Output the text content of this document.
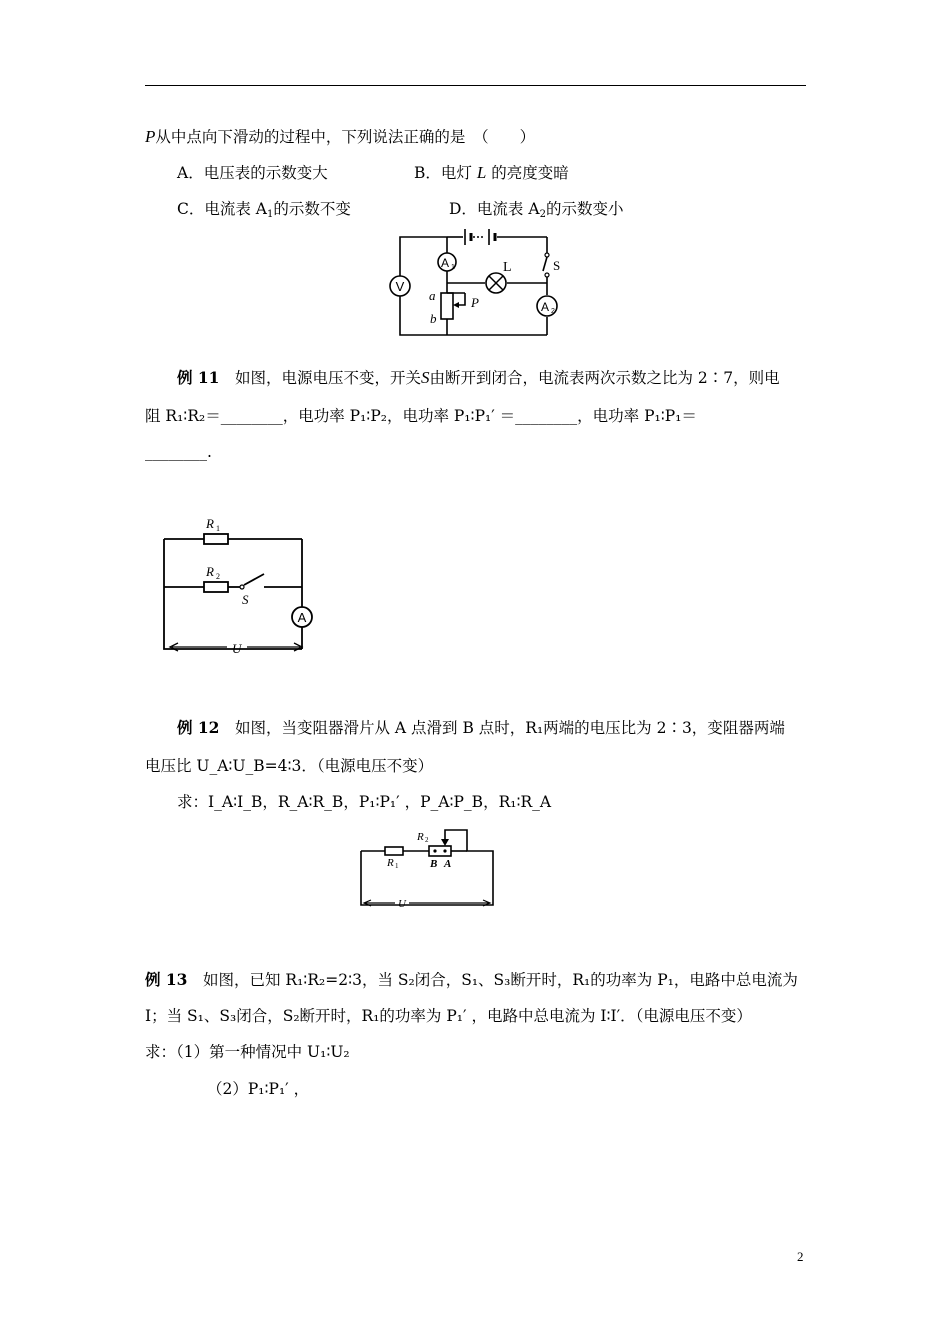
P从中点向下滑动的过程中，下列说法正确的是　（　　）
A．电压表的示数变大	B．电灯 L 的亮度变暗
C．电流表 $A_1$的示数不变	D．电流表 $A_2$的示数变小
V
A 1
A 2
L	S
a
b
P
例 11　 如图，电源电压不变，开关S由断开到闭合，电流表两次示数之比为 2∶7，则电
阻 R₁∶R₂＝________，电功率 P₁∶P₂，电功率 P₁∶P₁′ ＝________，电功率 P₁∶P₁＝
________.
A
R 1
R 2
S
U
例 12　 如图，当变阻器滑片从 A 点滑到 B 点时，R₁两端的电压比为 2∶3，变阻器两端
电压比 U_A∶U_B=4∶3．（电源电压不变）
求：I_A∶I_B，R_A∶R_B，P₁∶P₁′ ，P_A∶P_B，R₁∶R_A
R 2
R 1	B A
U
例 13　 如图，已知 R₁∶R₂=2∶3，当 S₂闭合，S₁、S₃断开时，R₁的功率为 P₁，电路中总电流为
I；当 S₁、S₃闭合，S₂断开时，R₁的功率为 P₁′ ，电路中总电流为 I∶I′．（电源电压不变）
求：（1）第一种情况中 U₁∶U₂
（2）P₁∶P₁′ ，
2
